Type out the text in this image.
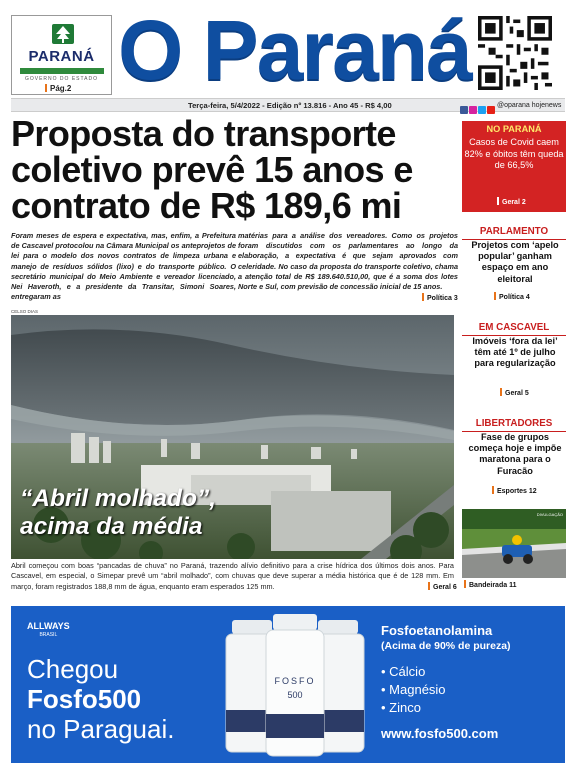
PARANÁ
GOVERNO DO ESTADO
Pág.2 O Paraná
Terça-feira, 5/4/2022 - Edição nº 13.816 - Ano 45 - R$ 4,00	@oparana hojenews
Proposta do transporte coletivo prevê 15 anos e contrato de R$ 189,6 mi
Foram meses de espera e expectativa, mas, enfim, a Prefeitura de Cascavel protocolou na Câmara Municipal os anteprojetos de lei para o modelo dos novos contratos de limpeza urbana e manejo de resíduos sólidos (lixo) e do transporte público. O secretário municipal do Meio Ambiente e vereador licenciado, Nei Haveroth, e a presidente da Transitar, Simoni Soares, entregaram as
matérias para a análise dos vereadores. Como os projetos foram discutidos com os parlamentares ao longo da elaboração, a expectativa é que sejam aprovados com celeridade. No caso da proposta do transporte coletivo, chama a atenção total de R$ 189.640.510,00, que é a soma dos lotes Norte e Sul, com previsão de concessão inicial de 15 anos.
Política 3
CELSO DIAS
“Abril molhado”,
acima da média
Abril começou com boas “pancadas de chuva” no Paraná, trazendo alívio definitivo para a crise hídrica dos últimos dois anos. Para Cascavel, em especial, o Simepar prevê um “abril molhado”, com chuvas que deve superar a média histórica que é de 128 mm. Em março, foram registrados 188,8 mm de água, enquanto eram esperados 125 mm.	Geral 6
NO PARANÁ
Casos de Covid caem 82% e óbitos têm queda de 66,5%
Geral 2
PARLAMENTO
Projetos com ‘apelo popular’ ganham espaço em ano eleitoral
Política 4
EM CASCAVEL
Imóveis ‘fora da lei’ têm até 1º de julho para regularização
Geral 5
LIBERTADORES
Fase de grupos começa hoje e impõe maratona para o Furacão
Esportes 12
DIVULGAÇÃO
Bandeirada 11
ALLWAYS
BRASIL
Chegou
Fosfo500
no Paraguai.
FOSFO
500
Fosfoetanolamina
(Acima de 90% de pureza)
• Cálcio
• Magnésio
• Zinco
www.fosfo500.com
